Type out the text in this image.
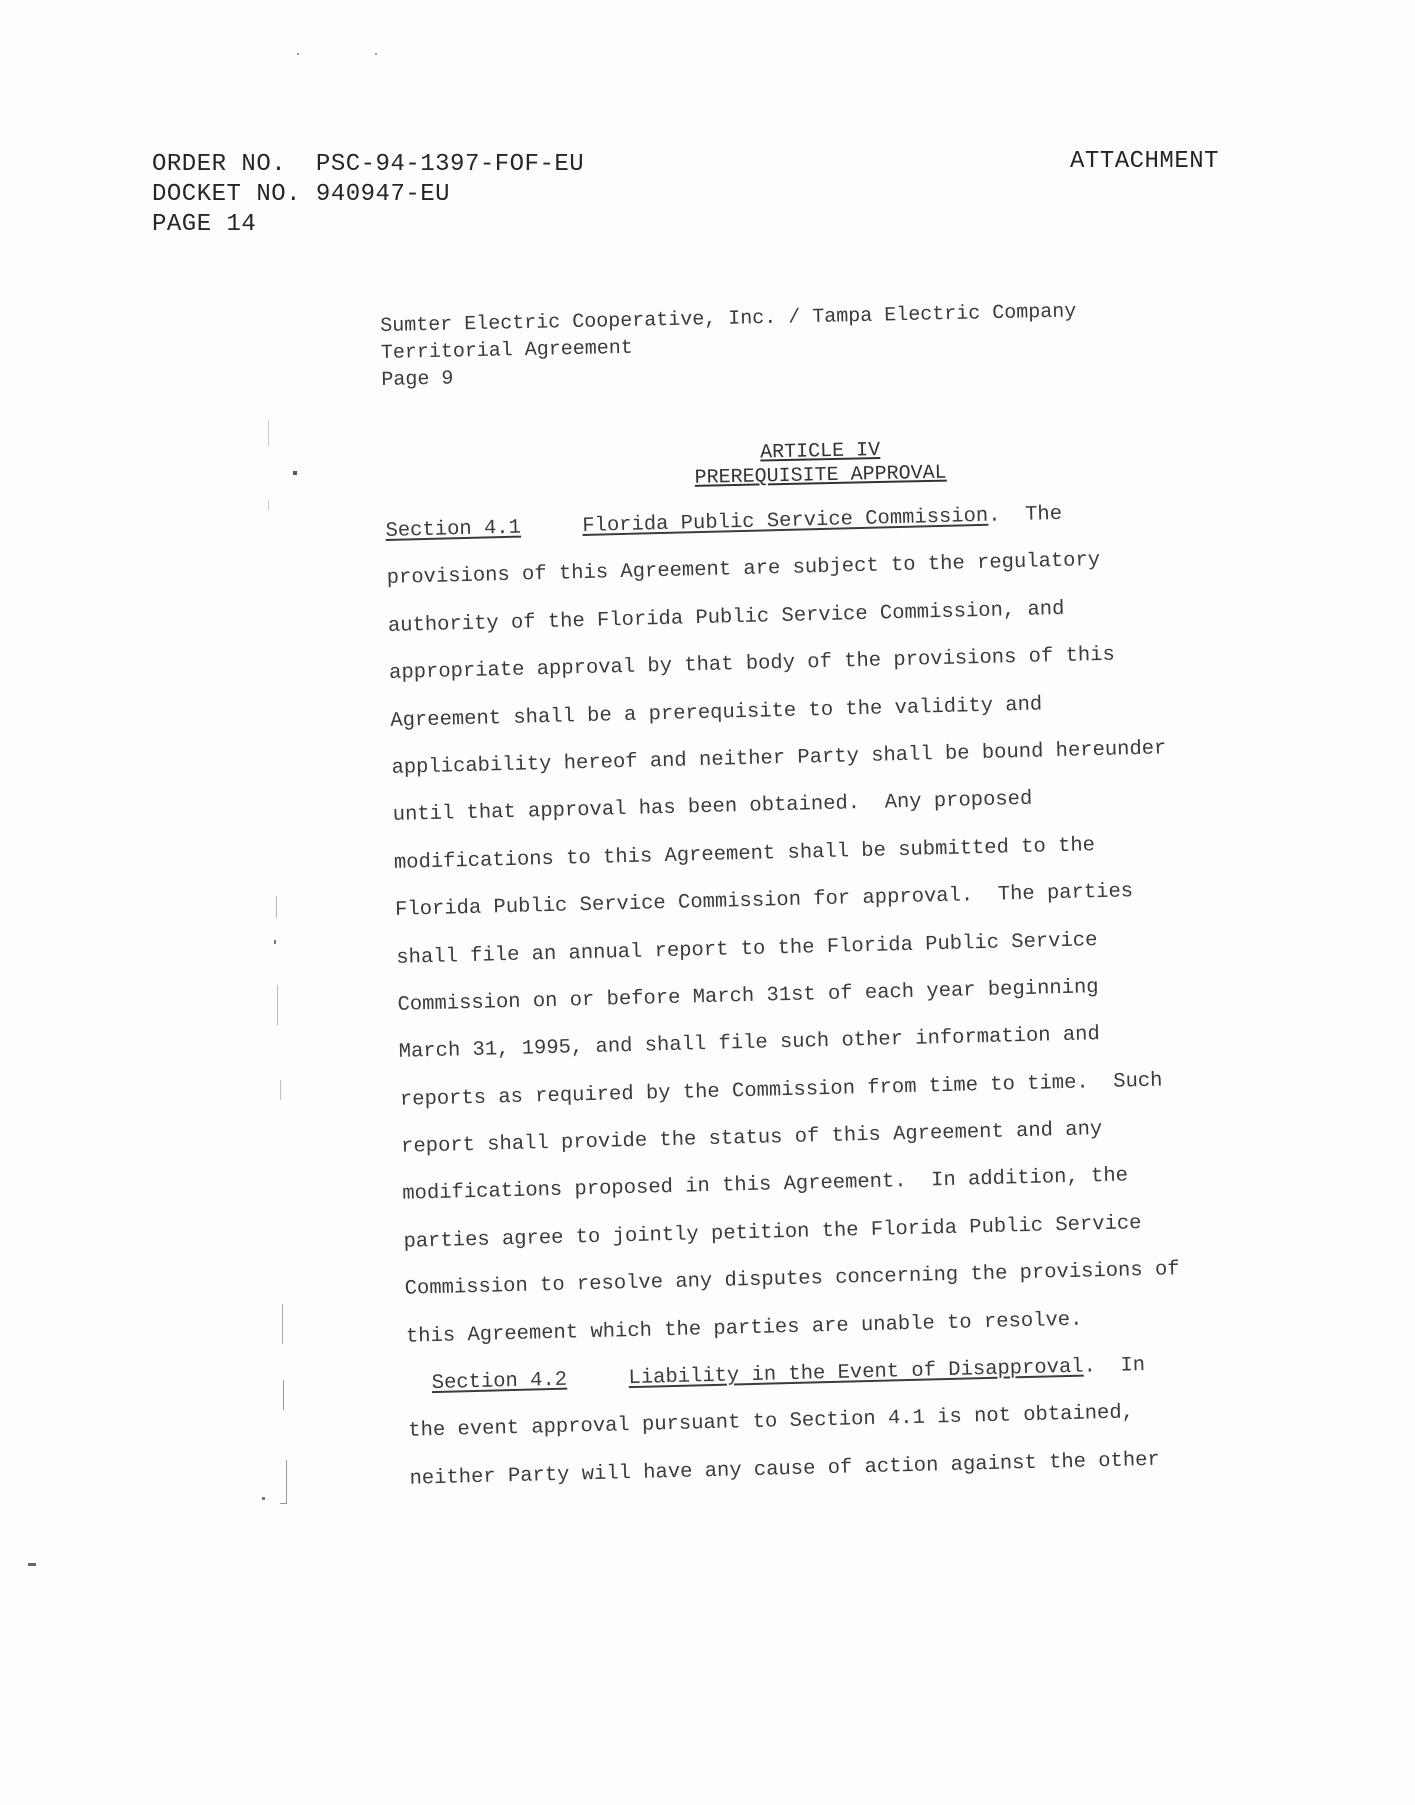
ORDER NO.  PSC-94-1397-FOF-EU
DOCKET NO. 940947-EU
PAGE 14
ATTACHMENT
Sumter Electric Cooperative, Inc. / Tampa Electric Company
Territorial Agreement
Page 9
ARTICLE IV
PREREQUISITE APPROVAL
Section 4.1	Florida Public Service Commission.  The
provisions of this Agreement are subject to the regulatory
authority of the Florida Public Service Commission, and
appropriate approval by that body of the provisions of this
Agreement shall be a prerequisite to the validity and
applicability hereof and neither Party shall be bound hereunder
until that approval has been obtained.  Any proposed
modifications to this Agreement shall be submitted to the
Florida Public Service Commission for approval.  The parties
shall file an annual report to the Florida Public Service
Commission on or before March 31st of each year beginning
March 31, 1995, and shall file such other information and
reports as required by the Commission from time to time.  Such
report shall provide the status of this Agreement and any
modifications proposed in this Agreement.  In addition, the
parties agree to jointly petition the Florida Public Service
Commission to resolve any disputes concerning the provisions of
this Agreement which the parties are unable to resolve.
Section 4.2	Liability in the Event of Disapproval.  In
the event approval pursuant to Section 4.1 is not obtained,
neither Party will have any cause of action against the other
